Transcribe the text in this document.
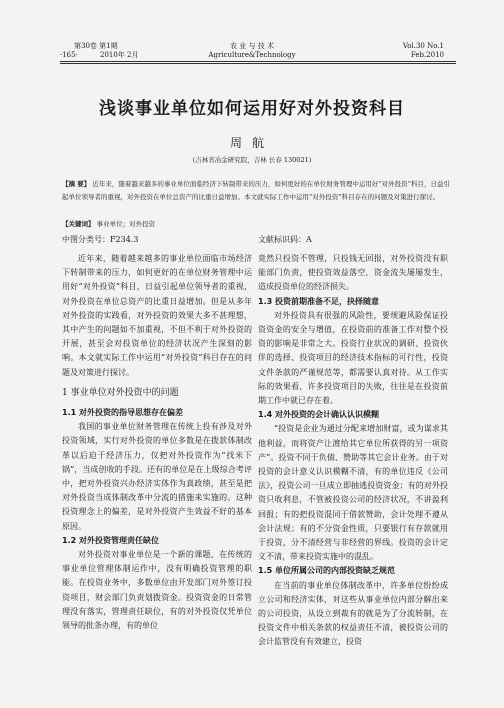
第30卷 第1期
·165·	2010年 2月
农 业 与 技 术
Agriculture&Technology
Vol.30 No.1
Feb.2010
浅谈事业单位如何运用好对外投资科目
周航
(吉林省冶金研究院，吉林 长春 130021)
【摘 要】 近年来，随着越来越多的事业单位面临经济下转制带来的压力，如何更好的在单位财务管理中运用好“对外投资”科目，日益引起单位领导者的重视，对外投资在单位总资产的比重日益增加。本文就实际工作中运用“对外投资”科目存在的问题及对策进行探讨。
【关键词】 事业单位；对外投资
中图分类号：F234.3	文献标识码：A

近年来，随着越来越多的事业单位面临市场经济下转制带来的压力，如何更好的在单位财务管理中运用好“对外投资”科目，日益引起单位领导者的重视，对外投资在单位总资产的比重日益增加。但是从多年对外投资的实践看，对外投资的效果大多不甚理想，其中产生的问题如不加重视，不但不利于对外投资的开展，甚至会对投资单位的经济状况产生深刻的影响。本文就实际工作中运用“对外投资”科目存在的问题及对策进行探讨。

1 事业单位对外投资中的问题
1.1 对外投资的指导思想存在偏差

我国的事业单位财务管理在传统上投有涉及对外投资领域，实行对外投资的单位多数是在拨款体制改革以后迫于经济压力，仅把对外投资作为“找米下锅”，当成创收的手段。还有的单位是在上级综合考评中，把对外投资兴办经济实体作为真政绩，甚至是把对外投资当成体制改革中分流的措施来实施的。这种投资理念上的偏差，是对外投资产生效益不好的基本原因。

1.2 对外投资管理责任缺位

对外投资对事业单位是一个新的课题，在传统的事业单位管理体制运作中，没有明确投资管理的职能。在投资业务中，多数单位由开发部门对外签订投资项目，财会部门负责划拨资金。投资资金的日常管理没有落实，管理责任缺位，有的对外投资仅凭单位领导的批条办理，有的单位

竟然只投资不管理，只投钱无回报，对外投资没有职能部门负责，使投资效益落空，资金流失屡屡发生，造成投资单位的经济损失。

1.3 投资前期准备不足，抉择随意

对外投资具有很强的风险性，要规避风险保证投资资金的安全与增值，在投资前的准备工作对整个投资的影响是非常之大。投资行业状况的调研、投资伙伴的选择、投资项目的经济技术指标的可行性，投资文件条款的严谨规范等，都需要认真对待。从工作实际的效果看，许多投资项目的失败，往往是在投资前期工作中就已存在着。

1.4 对外投资的会计确认认识模糊

“投资是企业为通过分配来增加财富，或为谋求其他利益，而将资产让渡给其它单位所获得的另一项资产”。投资不同于负债、赞助等其它会计业务。由于对投资的会计意义认识模糊不清，有的单位违反《公司法》，投资公司一旦成立即抽逃投资资金；有的对外投资只收利息，不管被投资公司的经济状况，不讲盈利回报；有的把投资混同于借款赞助，会计处理不遵从会计法规；有的不分资金性质，只要银行有存款就用于投资，分不清经营与非经营的界线。投资的会计定义不清，带来投资实施中的混乱。

1.5 单位所属公司的内部投资缺乏规范

在当前的事业单位体制改革中，许多单位纷纷成立公司和经济实体，对这些从事业单位内部分解出来的公司投资，从设立到裁有的就是为了分流转制，在投资文件中相关条款的权益责任不清，被投资公司的会计监管没有有效建立，投资
